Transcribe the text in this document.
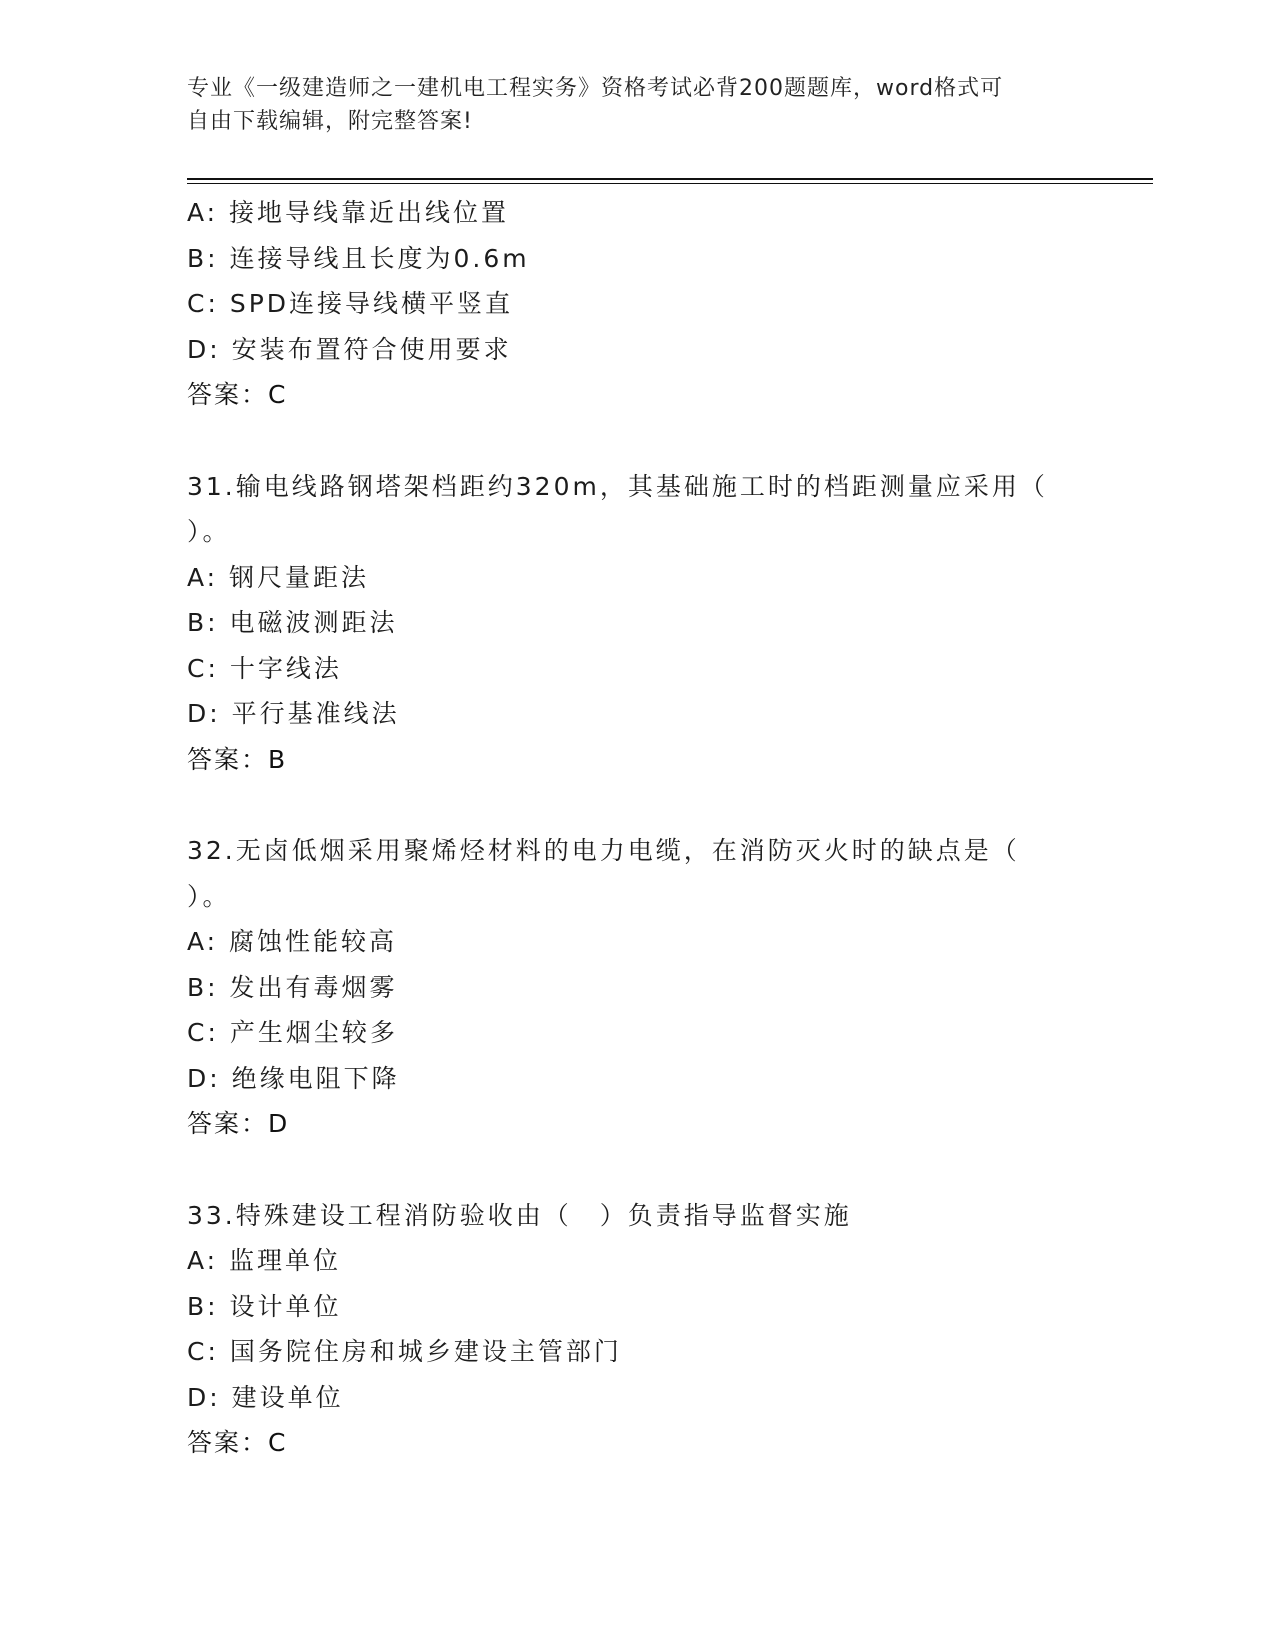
专业《一级建造师之一建机电工程实务》资格考试必背200题题库，word格式可
自由下载编辑，附完整答案!
A: 接地导线靠近出线位置
B: 连接导线且长度为0.6m
C: SPD连接导线横平竖直
D: 安装布置符合使用要求
答案：C
31.输电线路钢塔架档距约320m，其基础施工时的档距测量应采用（
）。
A: 钢尺量距法
B: 电磁波测距法
C: 十字线法
D: 平行基准线法
答案：B
32.无卤低烟采用聚烯烃材料的电力电缆，在消防灭火时的缺点是（
）。
A: 腐蚀性能较高
B: 发出有毒烟雾
C: 产生烟尘较多
D: 绝缘电阻下降
答案：D
33.特殊建设工程消防验收由（　）负责指导监督实施
A: 监理单位
B: 设计单位
C: 国务院住房和城乡建设主管部门
D: 建设单位
答案：C
